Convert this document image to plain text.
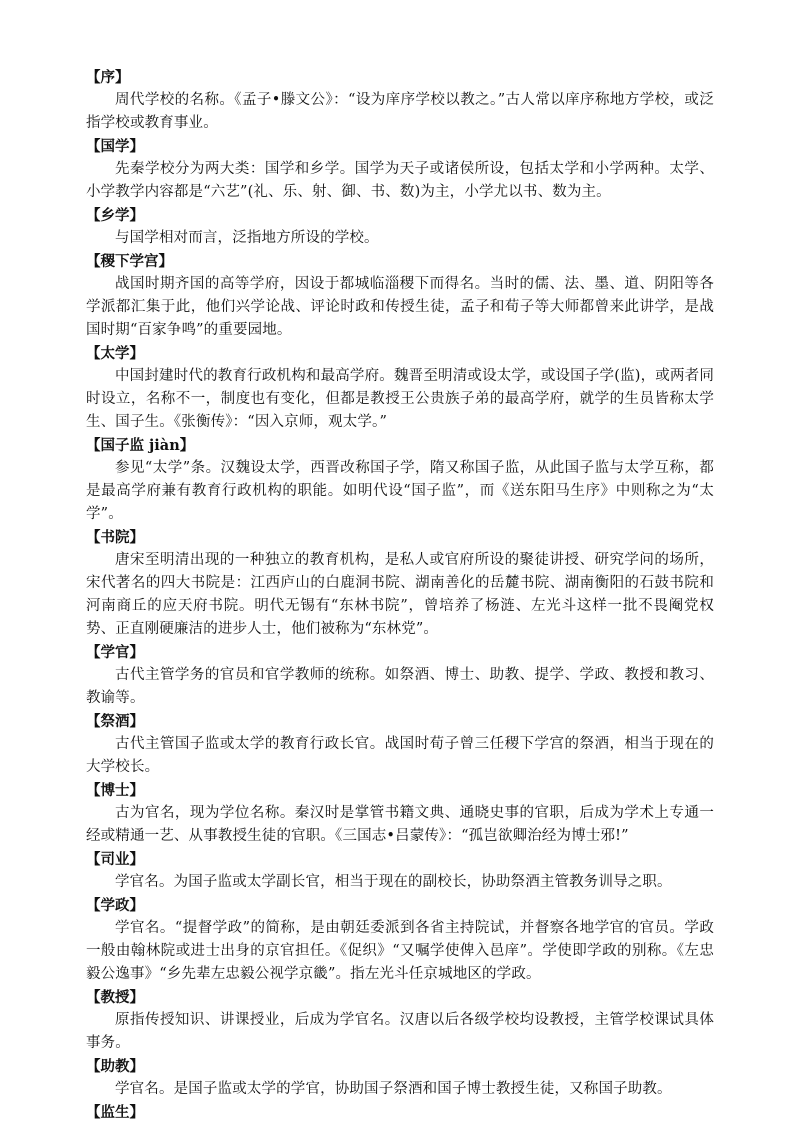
【序】

周代学校的名称。《孟子•滕文公》：“设为庠序学校以教之。”古人常以庠序称地方学校，或泛指学校或教育事业。

【国学】

先秦学校分为两大类：国学和乡学。国学为天子或诸侯所设，包括太学和小学两种。太学、小学教学内容都是“六艺”(礼、乐、射、御、书、数)为主，小学尤以书、数为主。

【乡学】

与国学相对而言，泛指地方所设的学校。

【稷下学宫】

战国时期齐国的高等学府，因设于都城临淄稷下而得名。当时的儒、法、墨、道、阴阳等各学派都汇集于此，他们兴学论战、评论时政和传授生徒，孟子和荀子等大师都曾来此讲学，是战国时期“百家争鸣”的重要园地。

【太学】

中国封建时代的教育行政机构和最高学府。魏晋至明清或设太学，或设国子学(监)，或两者同时设立，名称不一，制度也有变化，但都是教授王公贵族子弟的最高学府，就学的生员皆称太学生、国子生。《张衡传》：“因入京师，观太学。”

【国子监 jiàn】

参见“太学”条。汉魏设太学，西晋改称国子学，隋又称国子监，从此国子监与太学互称，都是最高学府兼有教育行政机构的职能。如明代设“国子监”，而《送东阳马生序》中则称之为“太学”。

【书院】

唐宋至明清出现的一种独立的教育机构，是私人或官府所设的聚徒讲授、研究学问的场所，宋代著名的四大书院是：江西庐山的白鹿洞书院、湖南善化的岳麓书院、湖南衡阳的石鼓书院和河南商丘的应天府书院。明代无锡有“东林书院”，曾培养了杨涟、左光斗这样一批不畏阉党权势、正直刚硬廉洁的进步人士，他们被称为“东林党”。

【学官】

古代主管学务的官员和官学教师的统称。如祭酒、博士、助教、提学、学政、教授和教习、教谕等。

【祭酒】

古代主管国子监或太学的教育行政长官。战国时荀子曾三任稷下学宫的祭酒，相当于现在的大学校长。

【博士】

古为官名，现为学位名称。秦汉时是掌管书籍文典、通晓史事的官职，后成为学术上专通一经或精通一艺、从事教授生徒的官职。《三国志•吕蒙传》：“孤岂欲卿治经为博士邪!”

【司业】

学官名。为国子监或太学副长官，相当于现在的副校长，协助祭酒主管教务训导之职。

【学政】

学官名。“提督学政”的简称，是由朝廷委派到各省主持院试，并督察各地学官的官员。学政一般由翰林院或进士出身的京官担任。《促织》“又嘱学使俾入邑庠”。学使即学政的别称。《左忠毅公逸事》“乡先辈左忠毅公视学京畿”。指左光斗任京城地区的学政。

【教授】

原指传授知识、讲课授业，后成为学官名。汉唐以后各级学校均设教授，主管学校课试具体事务。

【助教】

学官名。是国子监或太学的学官，协助国子祭酒和国子博士教授生徒，又称国子助教。

【监生】
